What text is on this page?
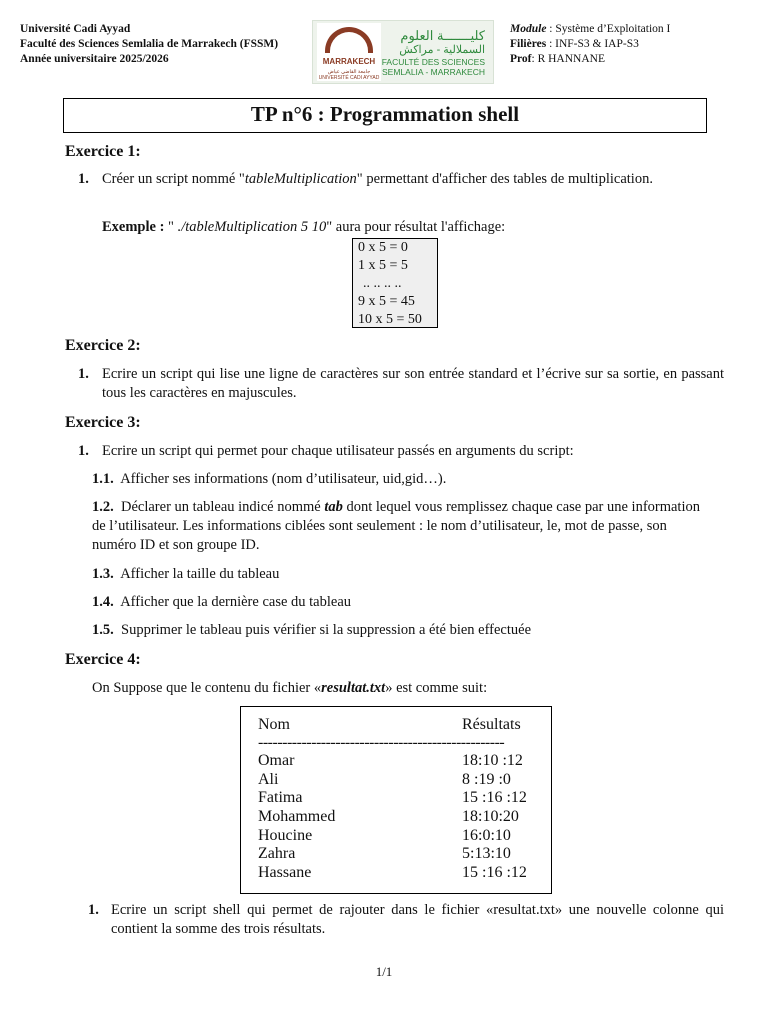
Université Cadi Ayyad
Faculté des Sciences Semlalia de Marrakech (FSSM)
Année universitaire 2025/2026	MARRAKECH
جامعة القاضي عياض UNIVERSITÉ CADI AYYAD
كليـــــــة العلوم
السملالية - مراكش
FACULTÉ DES SCIENCES
SEMLALIA - MARRAKECH
Module : Système d’Exploitation I
Filières : INF-S3 & IAP-S3
Prof: R HANNANE
TP n°6 : Programmation shell
Exercice 1:
1. Créer un script nommé "tableMultiplication" permettant d'afficher des tables de multiplication.
Exemple : " ./tableMultiplication 5 10" aura pour résultat l'affichage:
0 x 5 = 0
1 x 5 = 5
.. .. .. ..
9 x 5 = 45
10 x 5 = 50
Exercice 2:
1. Ecrire un script qui lise une ligne de caractères sur son entrée standard et l’écrive sur sa sortie, en passant tous les caractères en majuscules.
Exercice 3:
1. Ecrire un script qui permet pour chaque utilisateur passés en arguments du script:
1.1. Afficher ses informations (nom d’utilisateur, uid,gid…).
1.2. Déclarer un tableau indicé nommé tab dont lequel vous remplissez chaque case par une information de l’utilisateur. Les informations ciblées sont seulement : le nom d’utilisateur, le, mot de passe, son numéro ID et son groupe ID.
1.3. Afficher la taille du tableau
1.4. Afficher que la dernière case du tableau
1.5. Supprimer le tableau puis vérifier si la suppression a été bien effectuée
Exercice 4:
On Suppose que le contenu du fichier «resultat.txt» est comme suit:
Nom	Résultats
---------------------------------------------------
Omar	18:10 :12
Ali	8 :19 :0
Fatima	15 :16 :12
Mohammed	18:10:20
Houcine	16:0:10
Zahra	5:13:10
Hassane	15 :16 :12
1. Ecrire un script shell qui permet de rajouter dans le fichier «resultat.txt» une nouvelle colonne qui contient la somme des trois résultats.
1/1
